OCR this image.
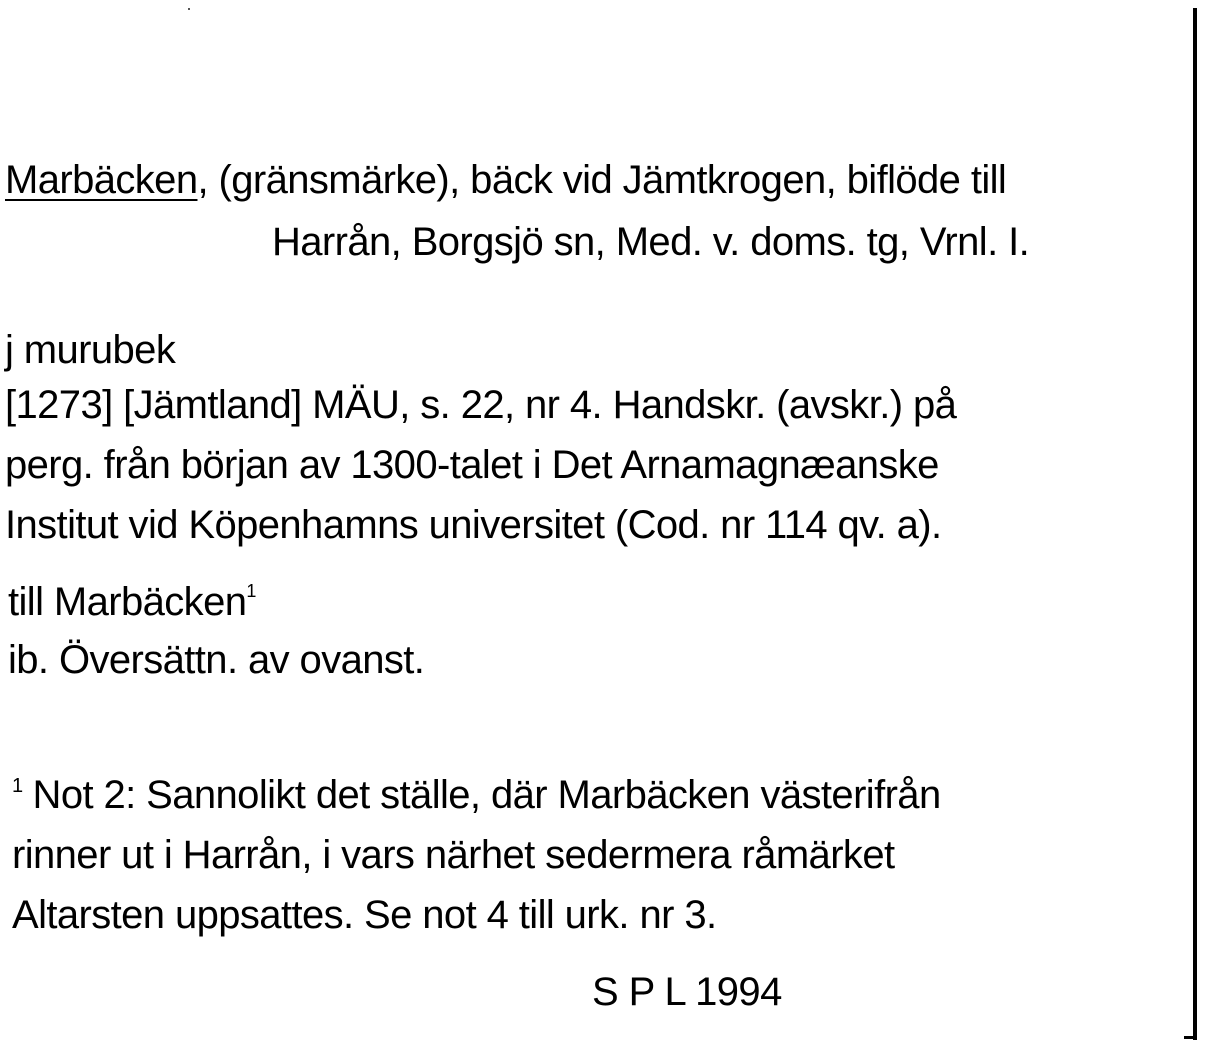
Marbäcken, (gränsmärke), bäck vid Jämtkrogen, biflöde till
Harrån, Borgsjö sn, Med. v. doms. tg, Vrnl. I.
j murubek
[1273] [Jämtland] MÄU, s. 22, nr 4. Handskr. (avskr.) på
perg. från början av 1300-talet i Det Arnamagnæanske
Institut vid Köpenhamns universitet (Cod. nr 114 qv. a).
till Marbäcken$^1$
ib. Översättn. av ovanst.
$^1$ Not 2: Sannolikt det ställe, där Marbäcken västerifrån
rinner ut i Harrån, i vars närhet sedermera råmärket
Altarsten uppsattes. Se not 4 till urk. nr 3.
S P L 1994
